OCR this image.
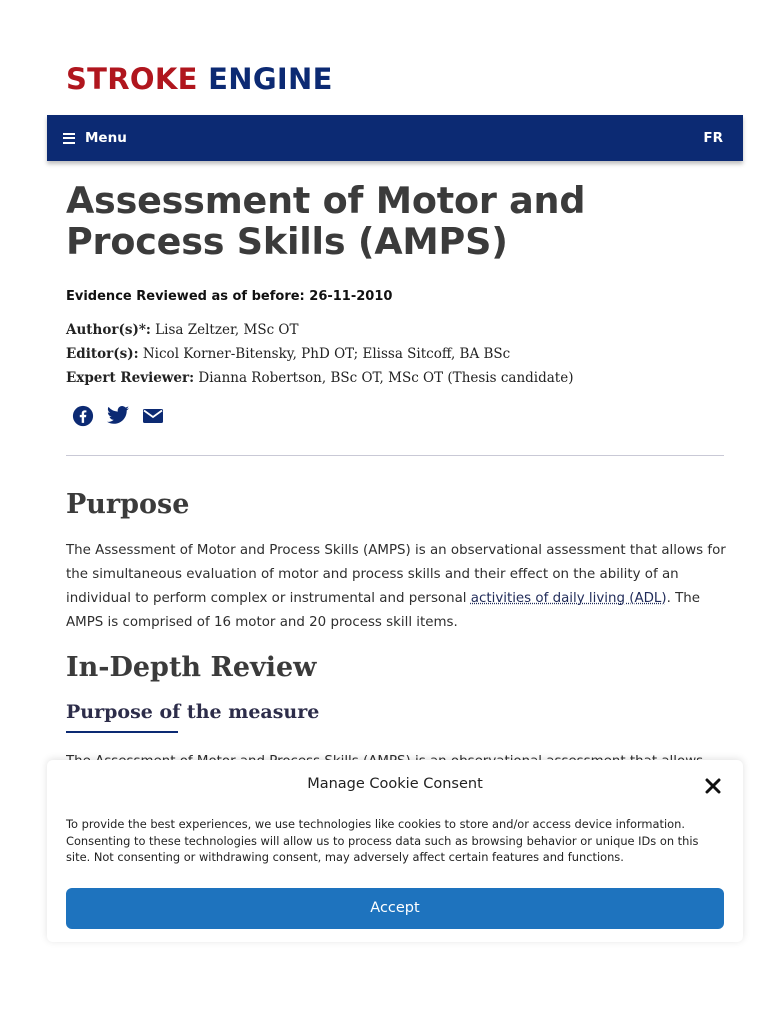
STROKE ENGINE
Menu	FR
Assessment of Motor and Process Skills (AMPS)
Evidence Reviewed as of before: 26-11-2010
Author(s)*: Lisa Zeltzer, MSc OT
Editor(s): Nicol Korner-Bitensky, PhD OT; Elissa Sitcoff, BA BSc
Expert Reviewer: Dianna Robertson, BSc OT, MSc OT (Thesis candidate)
Purpose

The Assessment of Motor and Process Skills (AMPS) is an observational assessment that allows for the simultaneous evaluation of motor and process skills and their effect on the ability of an individual to perform complex or instrumental and personal activities of daily living (ADL). The AMPS is comprised of 16 motor and 20 process skill items.

In-Depth Review
Purpose of the measure
Manage Cookie Consent
To provide the best experiences, we use technologies like cookies to store and/or access device information. Consenting to these technologies will allow us to process data such as browsing behavior or unique IDs on this site. Not consenting or withdrawing consent, may adversely affect certain features and functions.
Accept
